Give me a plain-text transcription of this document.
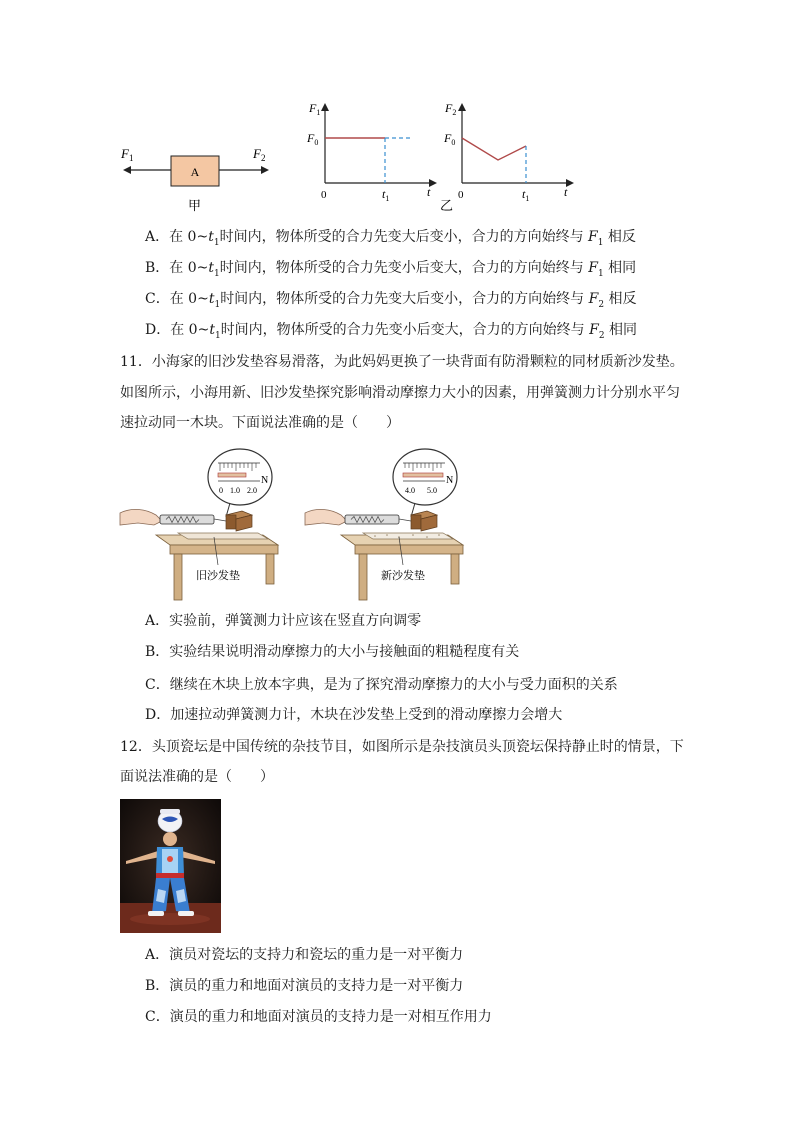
A
$F_1$	$F_2$
甲
$F_1$
$F_0$
0	$t_1$	t
$F_2$
$F_0$
0	$t_1$	t
乙
A．在 $0\sim t_1$时间内，物体所受的合力先变大后变小，合力的方向始终与 $F_1$ 相反
B．在 $0\sim t_1$时间内，物体所受的合力先变小后变大，合力的方向始终与 $F_1$ 相同
C．在 $0\sim t_1$时间内，物体所受的合力先变大后变小，合力的方向始终与 $F_2$ 相反
D．在 $0\sim t_1$时间内，物体所受的合力先变小后变大，合力的方向始终与 $F_2$ 相同
11．小海家的旧沙发垫容易滑落，为此妈妈更换了一块背面有防滑颗粒的同材质新沙发垫。
如图所示，小海用新、旧沙发垫探究影响滑动摩擦力大小的因素，用弹簧测力计分别水平匀
速拉动同一木块。下面说法准确的是（　　）
0 1.0 2.0
N
旧沙发垫
4.0 5.0
N
新沙发垫
A．实验前，弹簧测力计应该在竖直方向调零
B．实验结果说明滑动摩擦力的大小与接触面的粗糙程度有关
C．继续在木块上放本字典，是为了探究滑动摩擦力的大小与受力面积的关系
D．加速拉动弹簧测力计，木块在沙发垫上受到的滑动摩擦力会增大
12．头顶瓷坛是中国传统的杂技节目，如图所示是杂技演员头顶瓷坛保持静止时的情景，下
面说法准确的是（　　）
A．演员对瓷坛的支持力和瓷坛的重力是一对平衡力
B．演员的重力和地面对演员的支持力是一对平衡力
C．演员的重力和地面对演员的支持力是一对相互作用力
